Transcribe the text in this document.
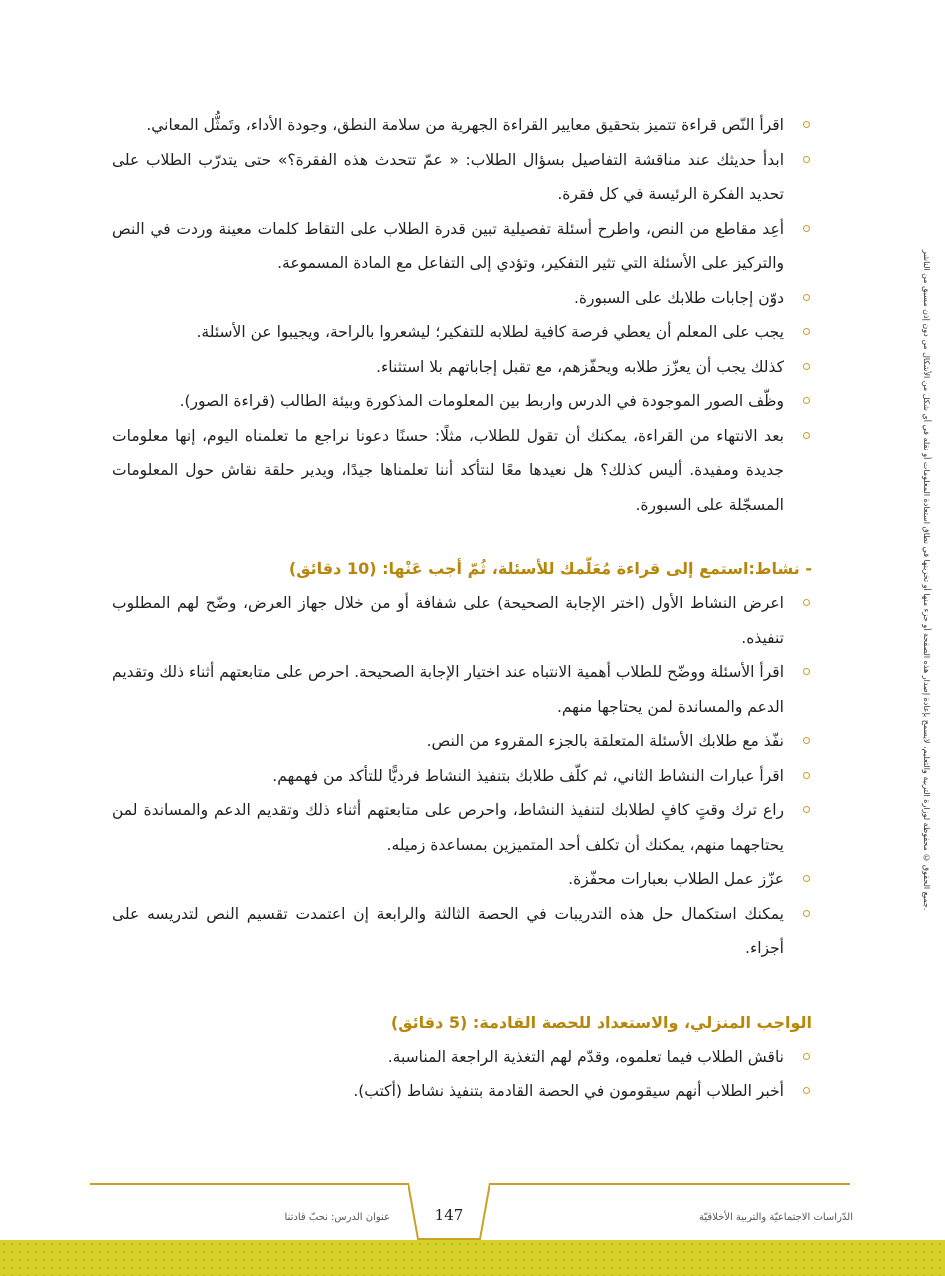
جميع الحقوق © محفوظة لوزارة التربية والتعليم، لايسمح بإعادة إصدار هذه الصفحة أو جزء منها أو تخزينها في نطاق استعادة المعلومات أو نقله في أي شكل من الأشكال من دون إذن مسبق من الناشر.
اقرأ النّص قراءة تتميز بتحقيق معايير القراءة الجهرية من سلامة النطق، وجودة الأداء، وتَمثُّل المعاني.
ابدأ حديثك عند مناقشة التفاصيل بسؤال الطلاب: « عمّ تتحدث هذه الفقرة؟» حتى يتدرّب الطلاب على تحديد الفكرة الرئيسة في كل فقرة.
أعِد مقاطع من النص، واطرح أسئلة تفصيلية تبين قدرة الطلاب على التقاط كلمات معينة وردت في النص والتركيز على الأسئلة التي تثير التفكير، وتؤدي إلى التفاعل مع المادة المسموعة.
دوّن إجابات طلابك على السبورة.
يجب على المعلم أن يعطي فرصة كافية لطلابه للتفكير؛ ليشعروا بالراحة، ويجيبوا عن الأسئلة.
كذلك يجب أن يعزّز طلابه ويحفّزهم، مع تقبل إجاباتهم بلا استثناء.
وظّف الصور الموجودة في الدرس واربط بين المعلومات المذكورة وبيئة الطالب (قراءة الصور).
بعد الانتهاء من القراءة، يمكنك أن تقول للطلاب، مثلًا: حسنًا دعونا نراجع ما تعلمناه اليوم، إنها معلومات جديدة ومفيدة. أليس كذلك؟ هل نعيدها معًا لنتأكد أننا تعلمناها جيدًا، ويدير حلقة نقاش حول المعلومات المسجّلة على السبورة.
- نشاط:استمع إلى قراءة مُعَلّمك للأسئلة، ثُمّ أجب عَنْها: (10 دقائق)
اعرض النشاط الأول (اختر الإجابة الصحيحة) على شفافة أو من خلال جهاز العرض، وضّح لهم المطلوب تنفيذه.
اقرأ الأسئلة ووضّح للطلاب أهمية الانتباه عند اختيار الإجابة الصحيحة. احرص على متابعتهم أثناء ذلك وتقديم الدعم والمساندة لمن يحتاجها منهم.
نفّذ مع طلابك الأسئلة المتعلقة بالجزء المقروء من النص.
اقرأ عبارات النشاط الثاني، ثم كلّف طلابك بتنفيذ النشاط فرديًّا للتأكد من فهمهم.
راع ترك وقتٍ كافٍ لطلابك لتنفيذ النشاط، واحرص على متابعتهم أثناء ذلك وتقديم الدعم والمساندة لمن يحتاجهما منهم، يمكنك أن تكلف أحد المتميزين بمساعدة زميله.
عزّز عمل الطلاب بعبارات محفّزة.
يمكنك استكمال حل هذه التدريبات في الحصة الثالثة والرابعة إن اعتمدت تقسيم النص لتدريسه على أجزاء.
الواجب المنزلي، والاستعداد للحصة القادمة: (5 دقائق)
ناقش الطلاب فيما تعلموه، وقدّم لهم التغذية الراجعة المناسبة.
أخبر الطلاب أنهم سيقومون في الحصة القادمة بتنفيذ نشاط (أكتب).
147
عنوان الدرس: نحبّ قادتنا	الدّراسات الاجتماعيّة والتربية الأخلاقيّة
